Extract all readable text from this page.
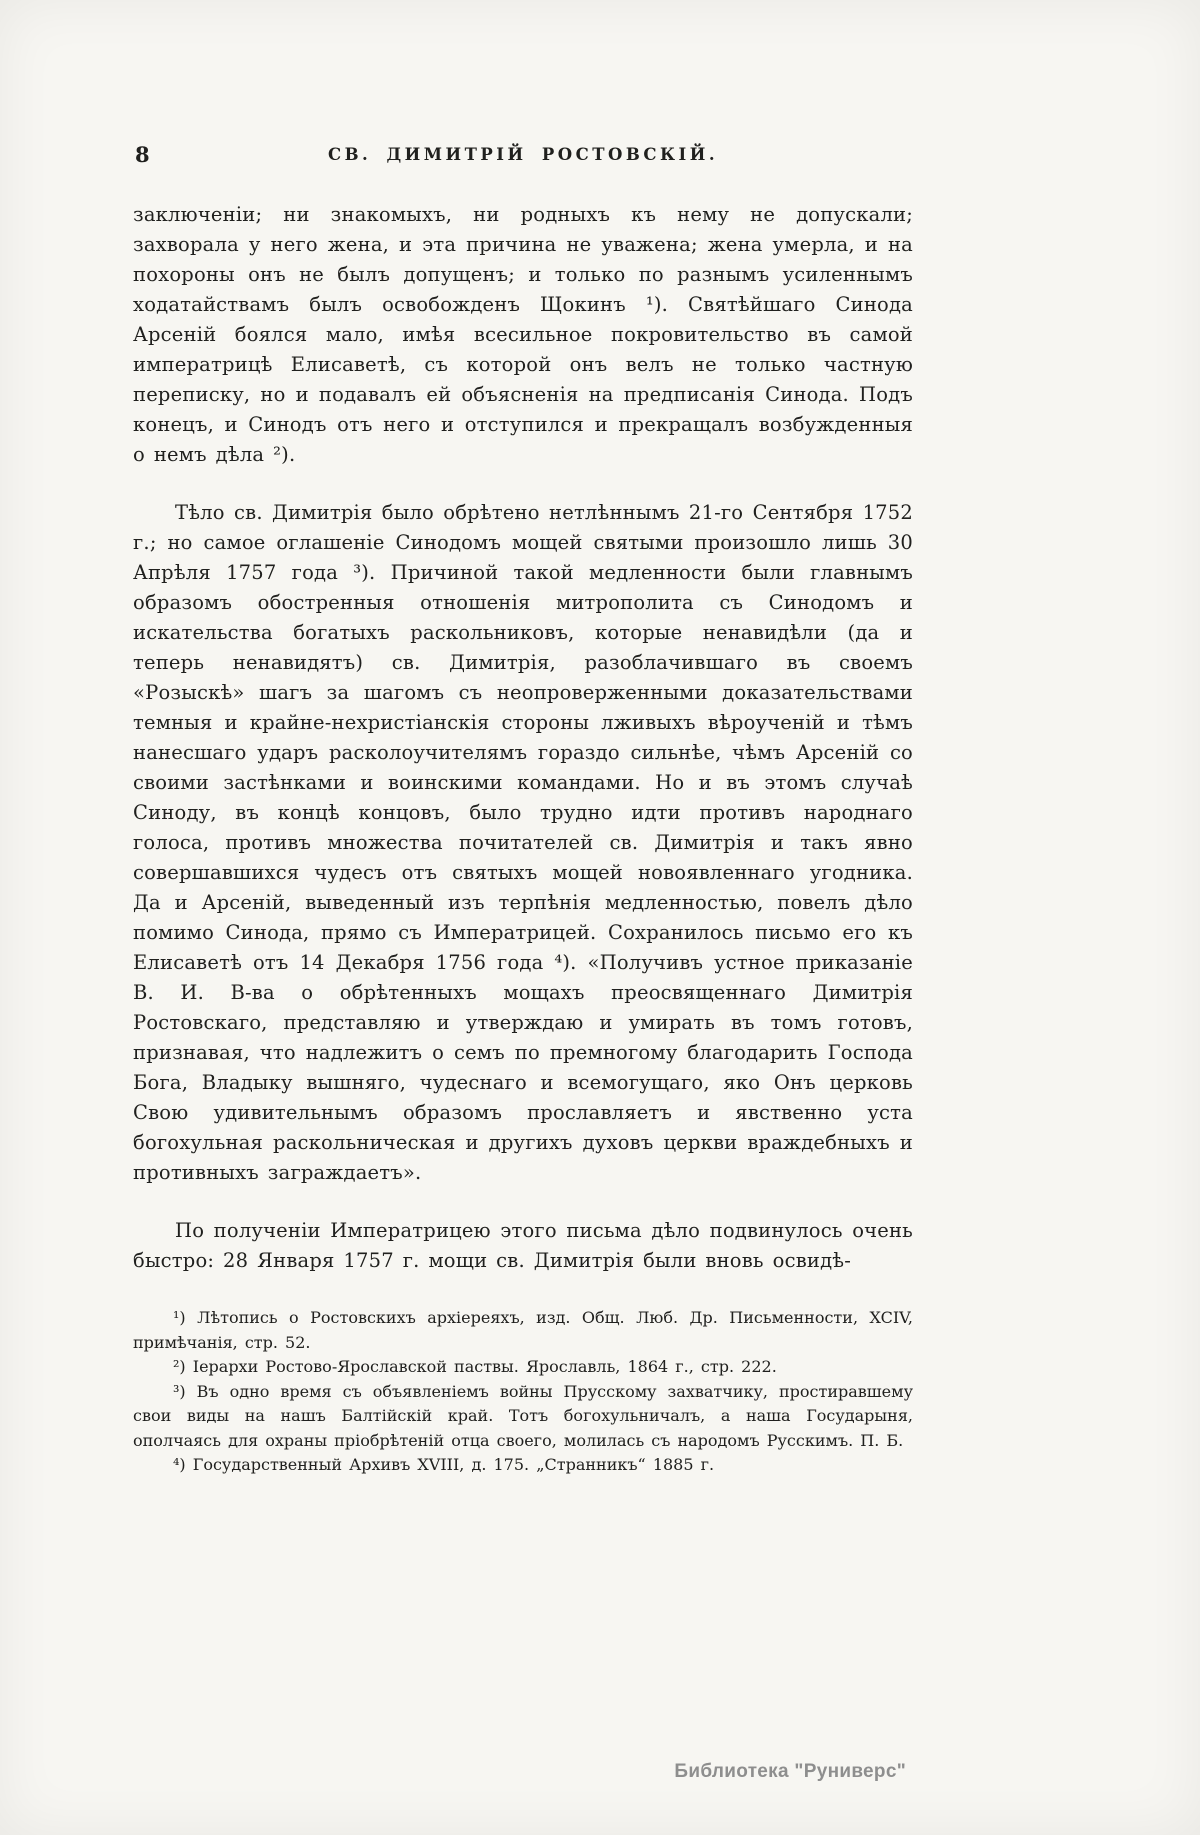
8	СВ. ДИМИТРІЙ РОСТОВСКІЙ.

заключеніи; ни знакомыхъ, ни родныхъ къ нему не допускали; захворала у него жена, и эта причина не уважена; жена умерла, и на похороны онъ не былъ допущенъ; и только по разнымъ усиленнымъ ходатайствамъ былъ освобожденъ Щокинъ ¹). Святѣйшаго Синода Арсеній боялся мало, имѣя всесильное покровительство въ самой императрицѣ Елисаветѣ, съ которой онъ велъ не только частную переписку, но и подавалъ ей объясненія на предписанія Синода. Подъ конецъ, и Синодъ отъ него и отступился и прекращалъ возбужденныя о немъ дѣла ²).

Тѣло св. Димитрія было обрѣтено нетлѣннымъ 21-го Сентября 1752 г.; но самое оглашеніе Синодомъ мощей святыми произошло лишь 30 Апрѣля 1757 года ³). Причиной такой медленности были главнымъ образомъ обостренныя отношенія митрополита съ Синодомъ и искательства богатыхъ раскольниковъ, которые ненавидѣли (да и теперь ненавидятъ) св. Димитрія, разоблачившаго въ своемъ «Розыскѣ» шагъ за шагомъ съ неопроверженными доказательствами темныя и крайне-нехристіанскія стороны лживыхъ вѣроученій и тѣмъ нанесшаго ударъ расколоучителямъ гораздо сильнѣе, чѣмъ Арсеній со своими застѣнками и воинскими командами. Но и въ этомъ случаѣ Синоду, въ концѣ концовъ, было трудно идти противъ народнаго голоса, противъ множества почитателей св. Димитрія и такъ явно совершавшихся чудесъ отъ святыхъ мощей новоявленнаго угодника. Да и Арсеній, выведенный изъ терпѣнія медленностью, повелъ дѣло помимо Синода, прямо съ Императрицей. Сохранилось письмо его къ Елисаветѣ отъ 14 Декабря 1756 года ⁴). «Получивъ устное приказаніе В. И. В-ва о обрѣтенныхъ мощахъ преосвященнаго Димитрія Ростовскаго, представляю и утверждаю и умирать въ томъ готовъ, признавая, что надлежитъ о семъ по премногому благодарить Господа Бога, Владыку вышняго, чудеснаго и всемогущаго, яко Онъ церковь Свою удивительнымъ образомъ прославляетъ и явственно уста богохульная раскольническая и другихъ духовъ церкви враждебныхъ и противныхъ заграждаетъ».

По полученіи Императрицею этого письма дѣло подвинулось очень быстро: 28 Января 1757 г. мощи св. Димитрія были вновь освидѣ-

¹) Лѣтопись о Ростовскихъ архіереяхъ, изд. Общ. Люб. Др. Письменности, XCIV, примѣчанія, стр. 52.

²) Іерархи Ростово-Ярославской паствы. Ярославль, 1864 г., стр. 222.

³) Въ одно время съ объявленіемъ войны Прусскому захватчику, простиравшему свои виды на нашъ Балтійскій край. Тотъ богохульничалъ, а наша Государыня, ополчаясь для охраны пріобрѣтеній отца своего, молилась съ народомъ Русскимъ. П. Б.

⁴) Государственный Архивъ XVIII, д. 175. „Странникъ“ 1885 г.

Библиотека "Руниверс"
